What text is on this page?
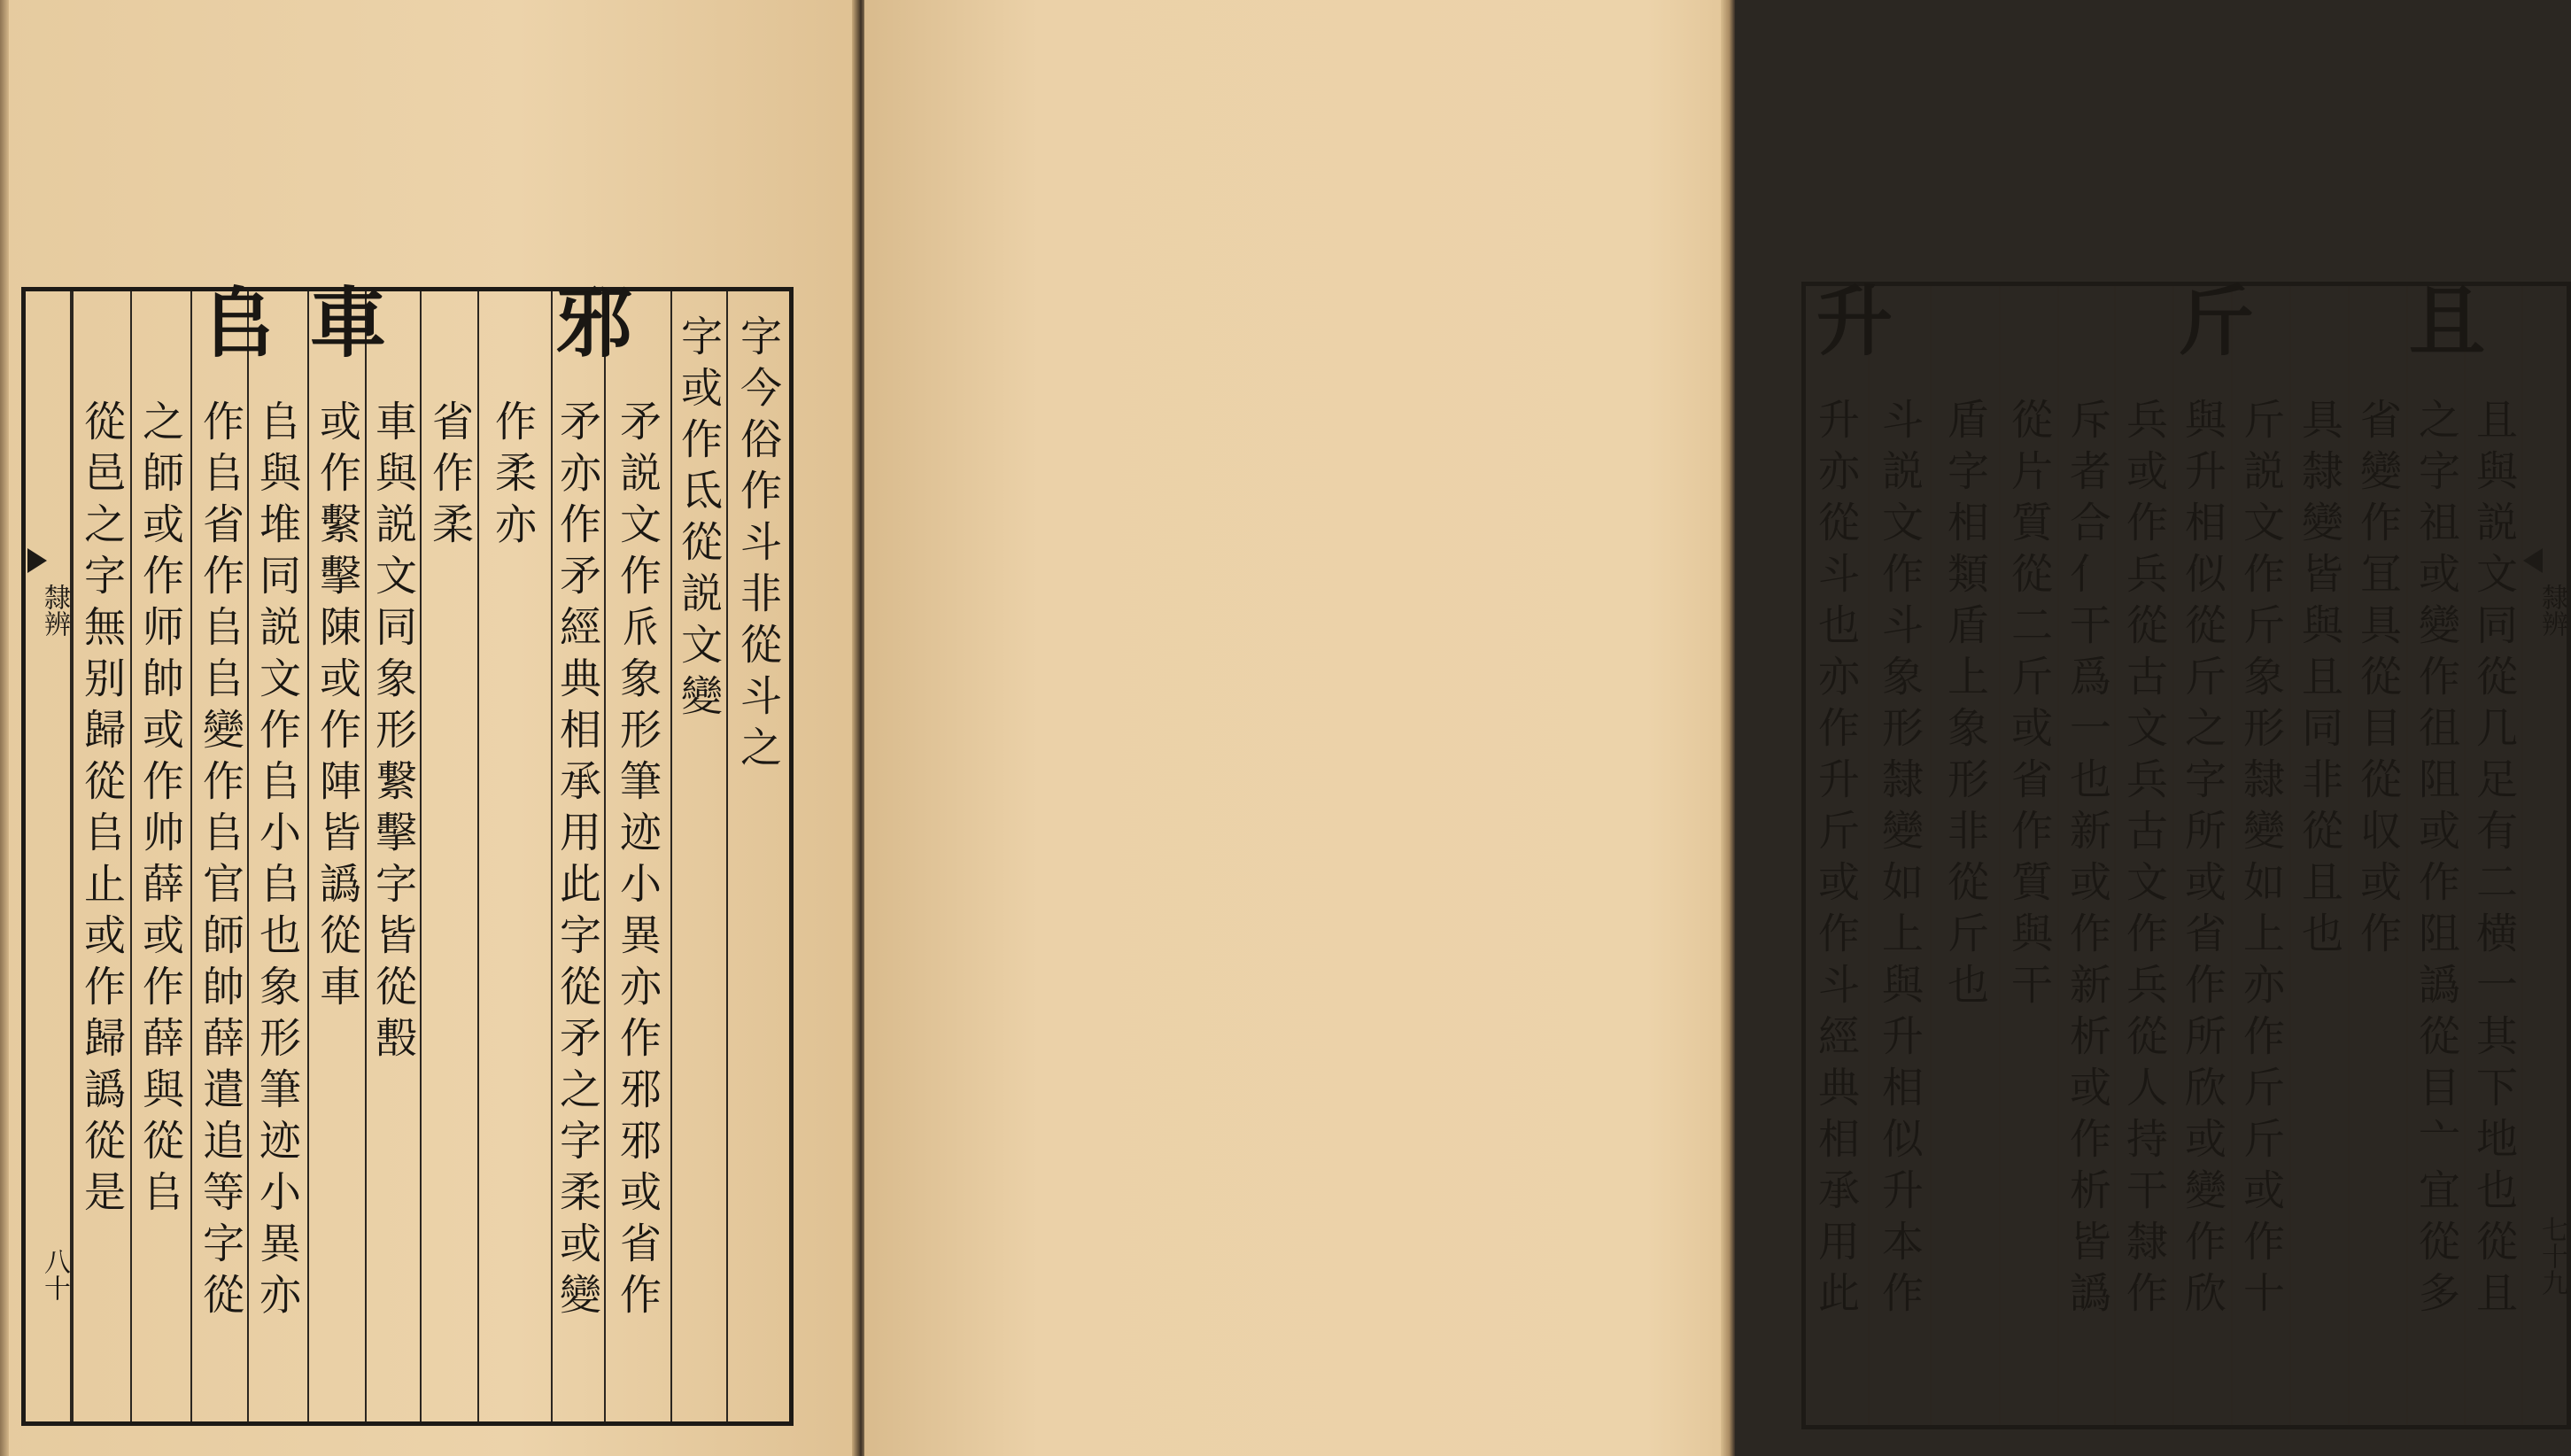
字今俗作斗非從斗之
字或作氐從説文變
矛説文作𠂢象形筆迹小異亦作邪邪或省作
邪
矛亦作矛經典相承用此字從矛之字柔或變
作柔亦
省作柔
車與説文同象形繋擊字皆從毄
車
或作繫擊陳或作陣皆譌從車
𠂤與堆同説文作𠂤小𠂤也象形筆迹小異亦
𠂤
作𠂤省作𠂤𠂤變作𠂤官師帥薛遣追等字從
之師或作师帥或作帅薛或作薛與從𠂤
從邑之字無别歸從𠂤止或作歸譌從是
隸辨
八十
隸辨
七十九
且
且與説文同從几足有二横一其下地也從且
之字祖或變作徂阻或作阻譌從目亠宜從多
省變作冝具從目從収或作
具隸變皆與且同非從且也
斤
斤説文作斤象形隸變如上亦作斤斤或作十
與升相似從斤之字所或省作所欣或變作欣
兵或作兵從古文兵古文作兵從人持干隸作
斥者合亻干爲一也新或作新析或作析皆譌
從片質從二斤或省作質與干
盾字相類盾上象形非從斤也
升
斗説文作斗象形隸變如上與升相似升本作
升亦從斗也亦作升斤或作斗經典相承用此
